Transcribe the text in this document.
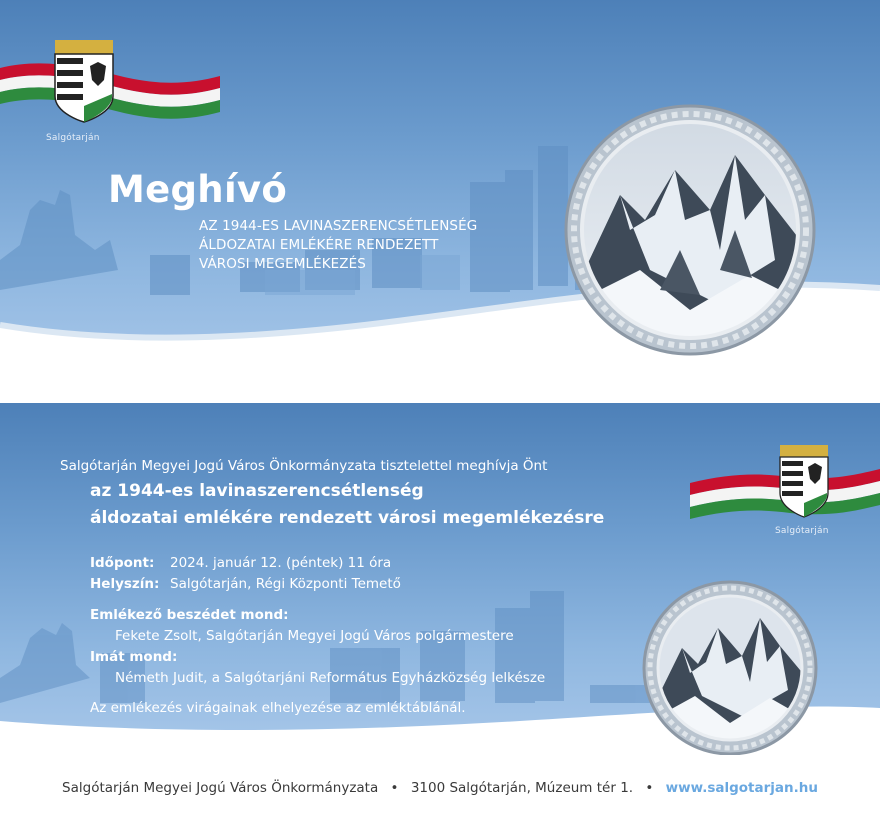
Salgótarján
Meghívó
AZ 1944-ES LAVINASZERENCSÉTLENSÉG
ÁLDOZATAI EMLÉKÉRE RENDEZETT
VÁROSI MEGEMLÉKEZÉS
Salgótarján
Salgótarján Megyei Jogú Város Önkormányzata tisztelettel meghívja Önt
az 1944-es lavinaszerencsétlenség
áldozatai emlékére rendezett városi megemlékezésre
Időpont: 2024. január 12. (péntek) 11 óra
Helyszín: Salgótarján, Régi Központi Temető
Emlékező beszédet mond:
Fekete Zsolt, Salgótarján Megyei Jogú Város polgármestere
Imát mond:
Németh Judit, a Salgótarjáni Református Egyházközség lelkésze
Az emlékezés virágainak elhelyezése az emléktáblánál.
Salgótarján Megyei Jogú Város Önkormányzata • 3100 Salgótarján, Múzeum tér 1. • www.salgotarjan.hu
